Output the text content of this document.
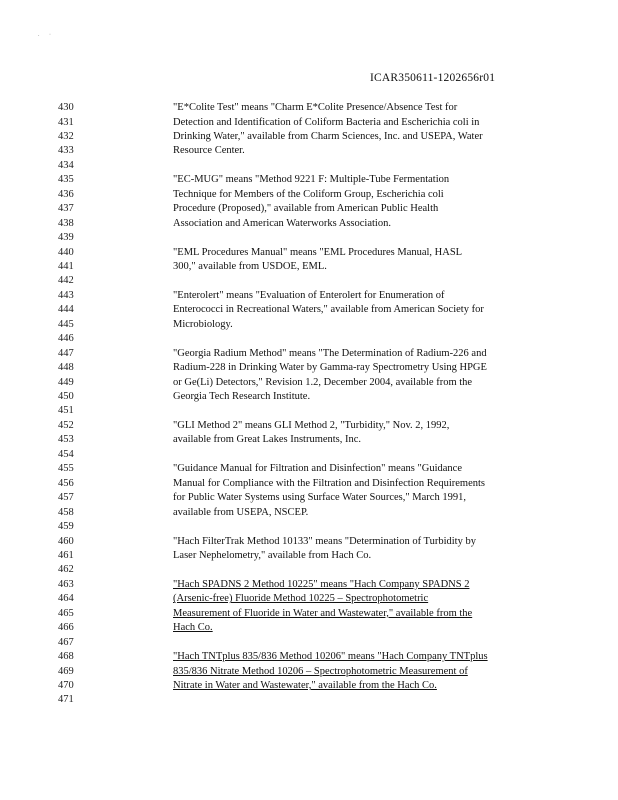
. ·
ICAR350611-1202656r01
430	"E*Colite Test" means "Charm E*Colite Presence/Absence Test for
431	Detection and Identification of Coliform Bacteria and Escherichia coli in
432	Drinking Water," available from Charm Sciences, Inc. and USEPA, Water
433	Resource Center.
434
435	"EC-MUG" means "Method 9221 F: Multiple-Tube Fermentation
436	Technique for Members of the Coliform Group, Escherichia coli
437	Procedure (Proposed)," available from American Public Health
438	Association and American Waterworks Association.
439
440	"EML Procedures Manual" means "EML Procedures Manual, HASL
441	300," available from USDOE, EML.
442
443	"Enterolert" means "Evaluation of Enterolert for Enumeration of
444	Enterococci in Recreational Waters," available from American Society for
445	Microbiology.
446
447	"Georgia Radium Method" means "The Determination of Radium-226 and
448	Radium-228 in Drinking Water by Gamma-ray Spectrometry Using HPGE
449	or Ge(Li) Detectors," Revision 1.2, December 2004, available from the
450	Georgia Tech Research Institute.
451
452	"GLI Method 2" means GLI Method 2, "Turbidity," Nov. 2, 1992,
453	available from Great Lakes Instruments, Inc.
454
455	"Guidance Manual for Filtration and Disinfection" means "Guidance
456	Manual for Compliance with the Filtration and Disinfection Requirements
457	for Public Water Systems using Surface Water Sources," March 1991,
458	available from USEPA, NSCEP.
459
460	"Hach FilterTrak Method 10133" means "Determination of Turbidity by
461	Laser Nephelometry," available from Hach Co.
462
463	"Hach SPADNS 2 Method 10225" means "Hach Company SPADNS 2
464	(Arsenic-free) Fluoride Method 10225 – Spectrophotometric
465	Measurement of Fluoride in Water and Wastewater," available from the
466	Hach Co.
467
468	"Hach TNTplus 835/836 Method 10206" means "Hach Company TNTplus
469	835/836 Nitrate Method 10206 – Spectrophotometric Measurement of
470	Nitrate in Water and Wastewater," available from the Hach Co.
471
